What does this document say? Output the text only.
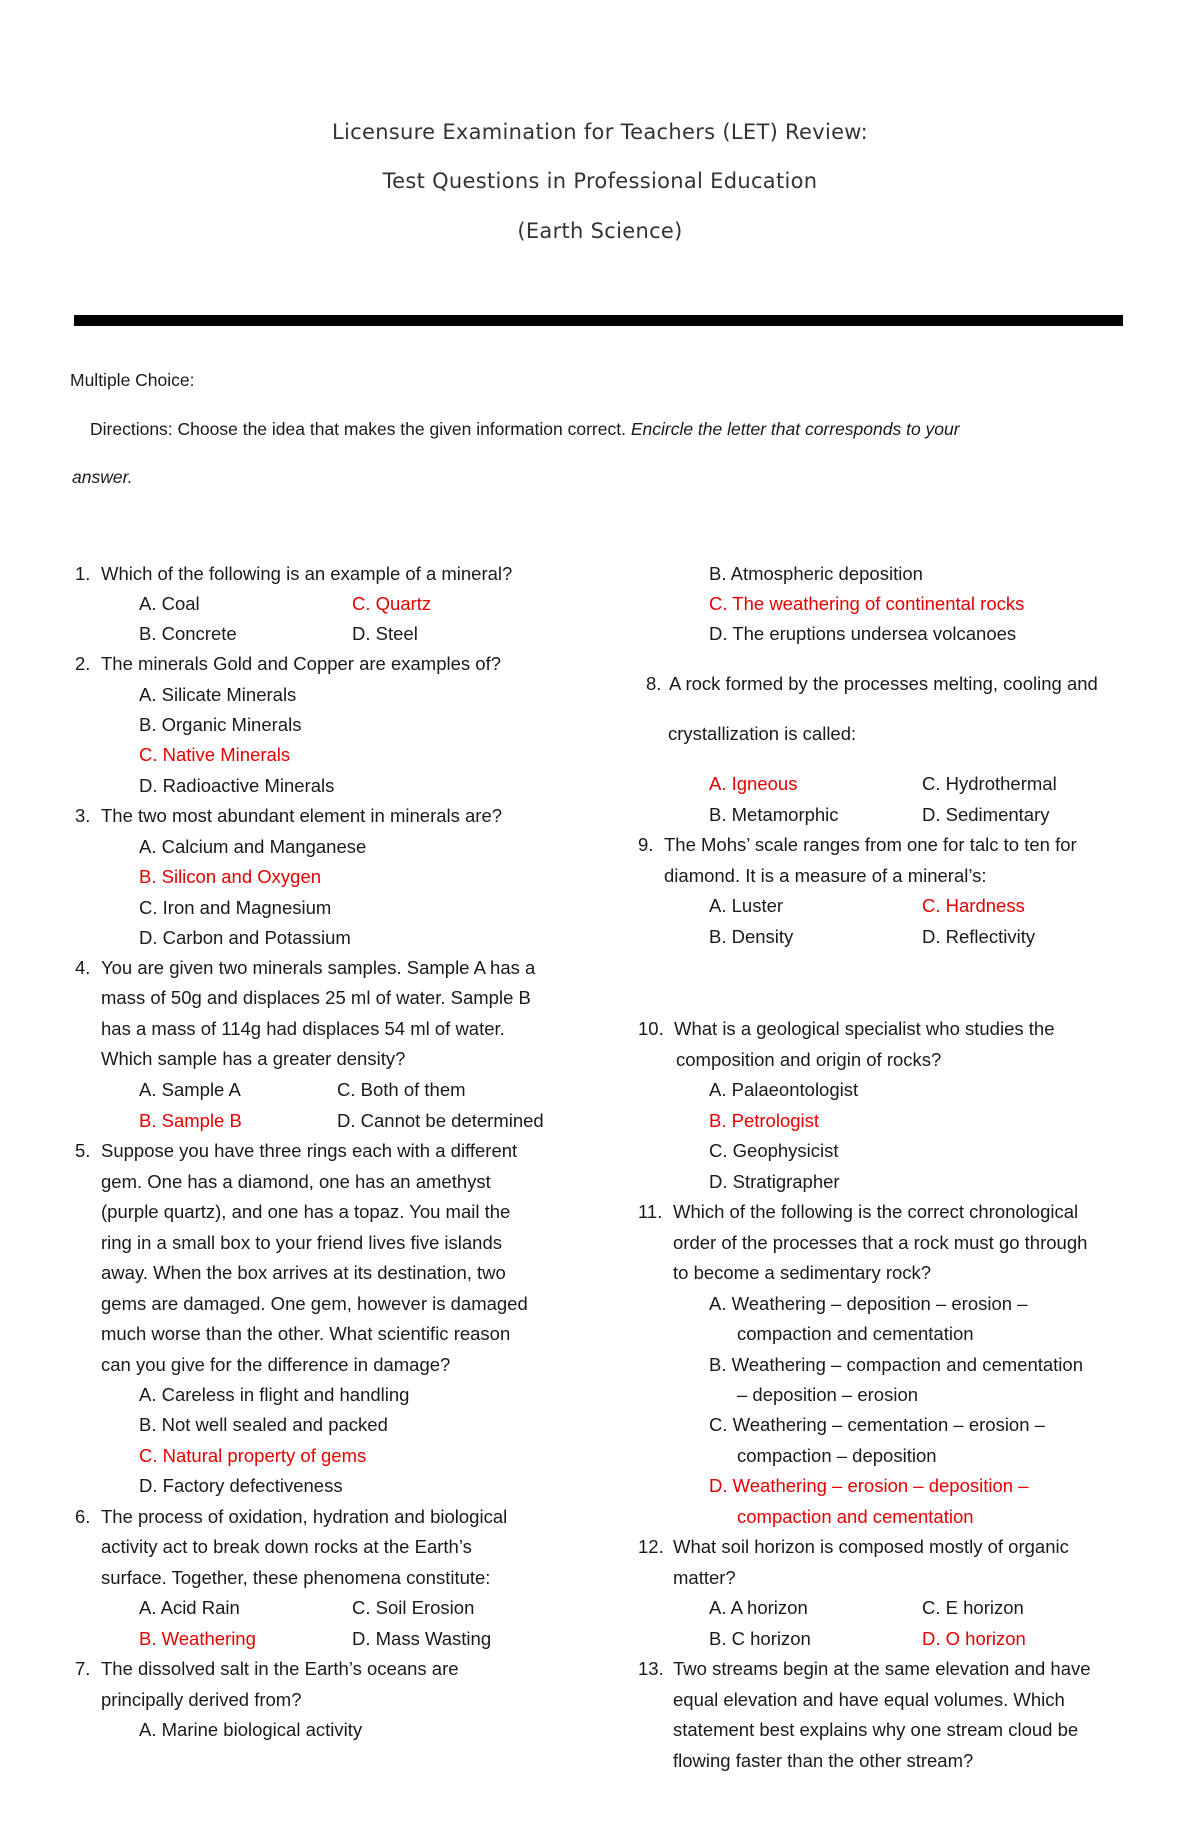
Licensure Examination for Teachers (LET) Review:
Test Questions in Professional Education
(Earth Science)
Multiple Choice:
Directions: Choose the idea that makes the given information correct. Encircle the letter that corresponds to your
answer.
1. Which of the following is an example of a mineral?
A. Coal	C. Quartz
B. Concrete	D. Steel
2. The minerals Gold and Copper are examples of?
A. Silicate Minerals
B. Organic Minerals
C. Native Minerals
D. Radioactive Minerals
3. The two most abundant element in minerals are?
A. Calcium and Manganese
B. Silicon and Oxygen
C. Iron and Magnesium
D. Carbon and Potassium
4. You are given two minerals samples. Sample A has a
mass of 50g and displaces 25 ml of water. Sample B
has a mass of 114g had displaces 54 ml of water.
Which sample has a greater density?
A. Sample A	C. Both of them
B. Sample B	D. Cannot be determined
5. Suppose you have three rings each with a different
gem. One has a diamond, one has an amethyst
(purple quartz), and one has a topaz. You mail the
ring in a small box to your friend lives five islands
away. When the box arrives at its destination, two
gems are damaged. One gem, however is damaged
much worse than the other. What scientific reason
can you give for the difference in damage?
A. Careless in flight and handling
B. Not well sealed and packed
C. Natural property of gems
D. Factory defectiveness
6. The process of oxidation, hydration and biological
activity act to break down rocks at the Earth’s
surface. Together, these phenomena constitute:
A. Acid Rain	C. Soil Erosion
B. Weathering	D. Mass Wasting
7. The dissolved salt in the Earth’s oceans are
principally derived from?
A. Marine biological activity
B. Atmospheric deposition
C. The weathering of continental rocks
D. The eruptions undersea volcanoes
8. A rock formed by the processes melting, cooling and
crystallization is called:
A. Igneous	C. Hydrothermal
B. Metamorphic	D. Sedimentary
9. The Mohs’ scale ranges from one for talc to ten for
diamond. It is a measure of a mineral’s:
A. Luster	C. Hardness
B. Density	D. Reflectivity
10. What is a geological specialist who studies the
composition and origin of rocks?
A. Palaeontologist
B. Petrologist
C. Geophysicist
D. Stratigrapher
11. Which of the following is the correct chronological
order of the processes that a rock must go through
to become a sedimentary rock?
A. Weathering – deposition – erosion –
compaction and cementation
B. Weathering – compaction and cementation
– deposition – erosion
C. Weathering – cementation – erosion –
compaction – deposition
D. Weathering – erosion – deposition –
compaction and cementation
12. What soil horizon is composed mostly of organic
matter?
A. A horizon	C. E horizon
B. C horizon	D. O horizon
13. Two streams begin at the same elevation and have
equal elevation and have equal volumes. Which
statement best explains why one stream cloud be
flowing faster than the other stream?
